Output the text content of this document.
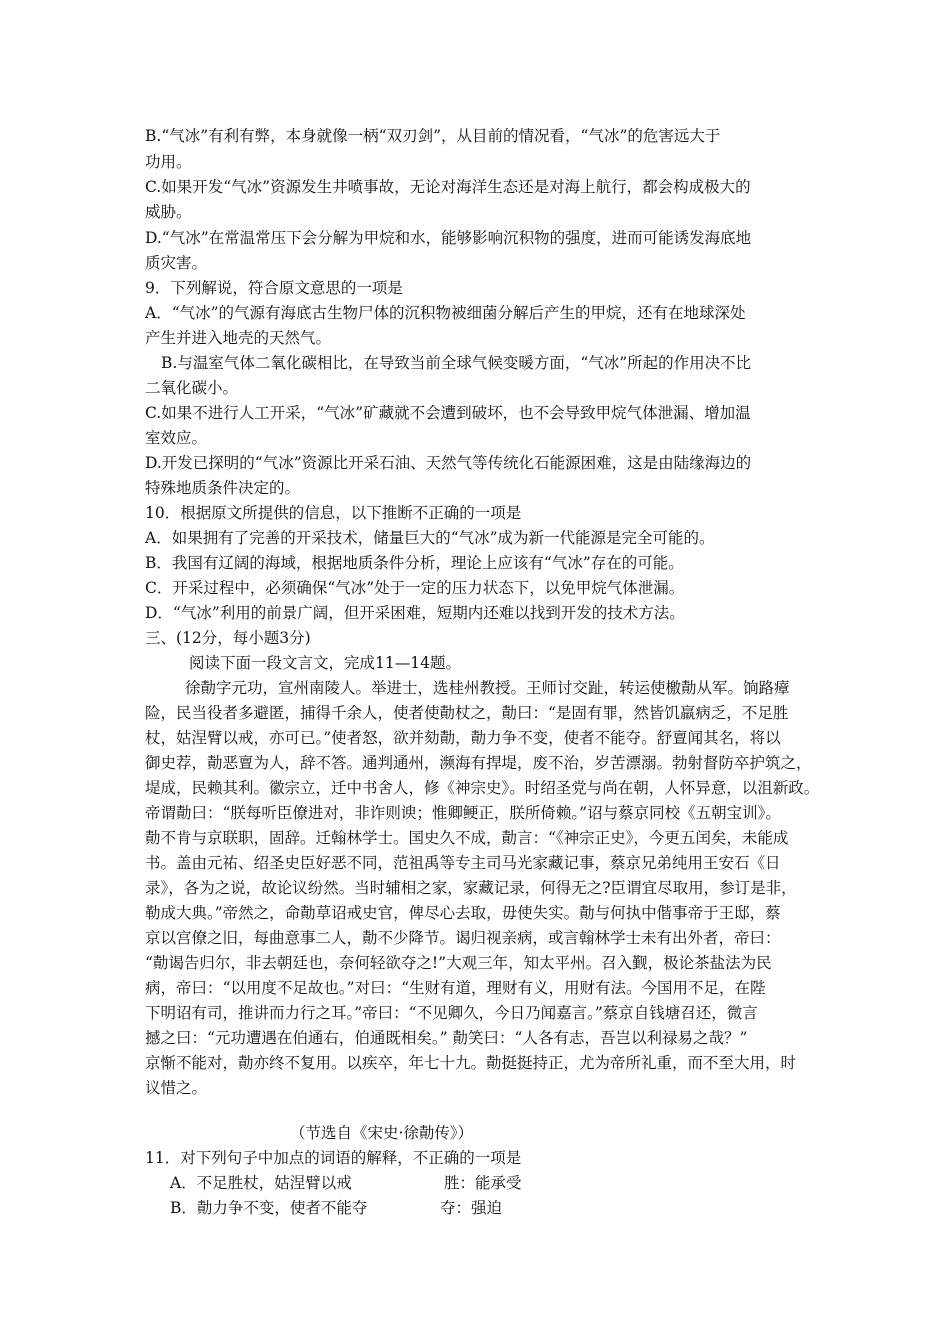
B.“气冰”有利有弊，本身就像一柄“双刃剑”，从目前的情况看，“气冰”的危害远大于
功用。
C.如果开发“气冰”资源发生井喷事故，无论对海洋生态还是对海上航行，都会构成极大的
威胁。
D.“气冰”在常温常压下会分解为甲烷和水，能够影响沉积物的强度，进而可能诱发海底地
质灾害。
9．下列解说，符合原文意思的一项是
A．“气冰”的气源有海底古生物尸体的沉积物被细菌分解后产生的甲烷，还有在地球深处
产生并进入地壳的天然气。
B.与温室气体二氧化碳相比，在导致当前全球气候变暖方面，“气冰”所起的作用决不比
二氧化碳小。
C.如果不进行人工开采，“气冰”矿藏就不会遭到破坏，也不会导致甲烷气体泄漏、增加温
室效应。
D.开发已探明的“气冰”资源比开采石油、天然气等传统化石能源困难，这是由陆缘海边的
特殊地质条件决定的。
10．根据原文所提供的信息，以下推断不正确的一项是
A．如果拥有了完善的开采技术，储量巨大的“气冰”成为新一代能源是完全可能的。
B．我国有辽阔的海域，根据地质条件分析，理论上应该有“气冰”存在的可能。
C．开采过程中，必须确保“气冰”处于一定的压力状态下，以免甲烷气体泄漏。
D．“气冰”利用的前景广阔，但开采困难，短期内还难以找到开发的技术方法。
三、(12分，每小题3分)
阅读下面一段文言文，完成11—14题。
徐勣字元功，宣州南陵人。举进士，选桂州教授。王师讨交趾，转运使檄勣从军。饷路瘴
险，民当役者多避匿，捕得千余人，使者使勣杖之，勣曰：“是固有罪，然皆饥羸病乏，不足胜
杖，姑涅臂以戒，亦可已。”使者怒，欲并劾勣，勣力争不变，使者不能夺。舒亶闻其名，将以
御史荐，勣恶亶为人，辞不答。通判通州，濒海有捍堤，废不治，岁苦漂溺。勃射督防卒护筑之，
堤成，民赖其利。徽宗立，迁中书舍人，修《神宗史》。时绍圣党与尚在朝，人怀异意，以沮新政。
帝谓勣曰：“朕每听臣僚进对，非诈则谀；惟卿鲠正，朕所倚赖。”诏与蔡京同校《五朝宝训》。
勣不肯与京联职，固辞。迁翰林学士。国史久不成，勣言：“《神宗正史》，今更五闰矣，未能成
书。盖由元祐、绍圣史臣好恶不同，范祖禹等专主司马光家藏记事，蔡京兄弟纯用王安石《日
录》，各为之说，故论议纷然。当时辅相之家，家藏记录，何得无之?臣谓宜尽取用，参订是非，
勒成大典。”帝然之，命勣草诏戒史官，俾尽心去取，毋使失实。勣与何执中偕事帝于王邸，蔡
京以宫僚之旧，每曲意事二人，勣不少降节。谒归视亲病，或言翰林学士未有出外者，帝曰：
“勣谒告归尔，非去朝廷也，奈何轻欲夺之!”大观三年，知太平州。召入觐，极论茶盐法为民
病，帝曰：“以用度不足故也。”对曰：“生财有道，理财有义，用财有法。今国用不足，在陛
下明诏有司，推讲而力行之耳。”帝曰：“不见卿久，今日乃闻嘉言。”蔡京自钱塘召还，微言
撼之曰：“元功遭遇在伯通右，伯通既相矣。” 勣笑曰：“人各有志，吾岂以利禄易之哉？”
京惭不能对，勣亦终不复用。以疾卒，年七十九。勣挺挺持正，尤为帝所礼重，而不至大用，时
议惜之。
（节选自《宋史·徐勣传》）
11．对下列句子中加点的词语的解释，不正确的一项是
A．不足胜杖，姑涅臂以戒	胜：能承受
B．勣力争不变，使者不能夺	夺：强迫
